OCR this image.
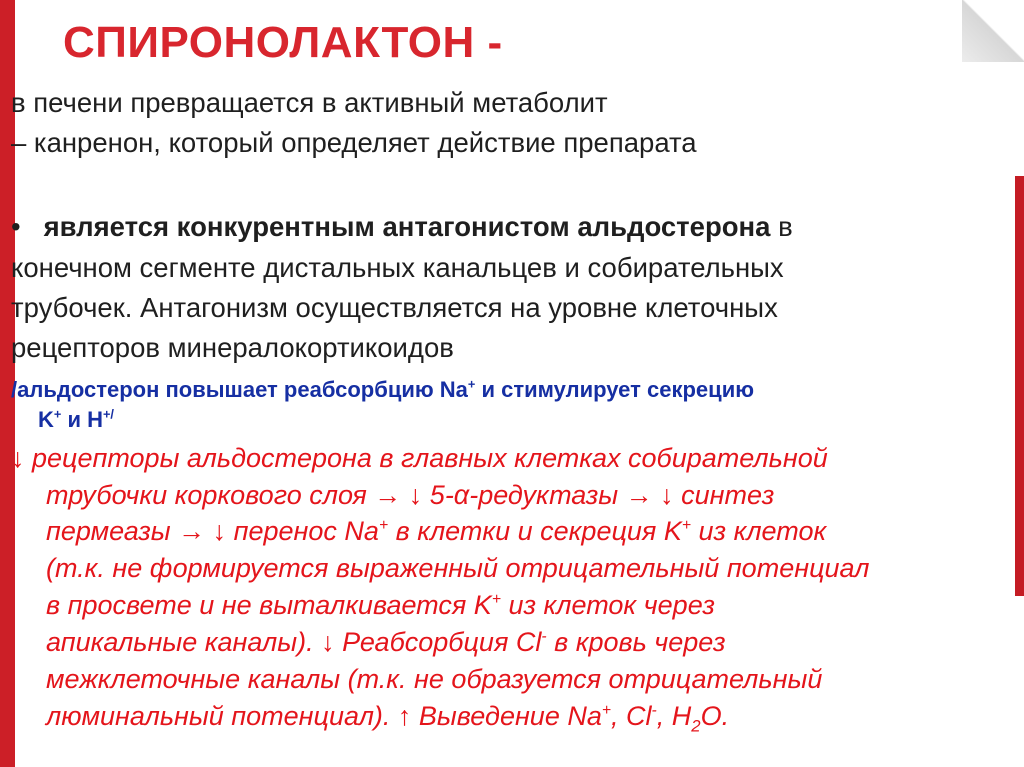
СПИРОНОЛАКТОН -

в печени превращается в активный метаболит

– канренон, который определяет действие препарата

• является конкурентным антагонистом альдостерона в

конечном сегменте дистальных канальцев и собирательных

трубочек. Антагонизм осуществляется на уровне клеточных

рецепторов минералокортикоидов

/альдостерон повышает реабсорбцию Na+ и стимулирует секрецию

K+ и H+/

↓ рецепторы альдостерона в главных клетках собирательной

трубочки коркового слоя → ↓ 5-α-редуктазы → ↓ синтез

пермеазы → ↓ перенос Na+ в клетки и секреция K+ из клеток

(т.к. не формируется выраженный отрицательный потенциал

в просвете и не выталкивается K+ из клеток через

апикальные каналы). ↓ Реабсорбция Cl- в кровь через

межклеточные каналы (т.к. не образуется отрицательный

люминальный потенциал). ↑ Выведение Na+, Cl-, $H_2O$.
